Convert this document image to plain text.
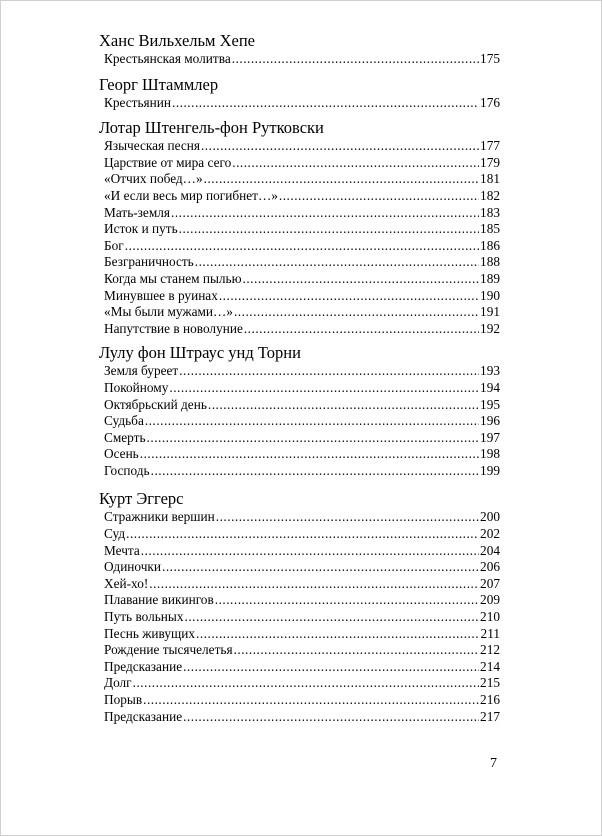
Ханс Вильхельм Хепе
Крестьянская молитва .....	175
Георг Штаммлер
Крестьянин .....	176
Лотар Штенгель-фон Рутковски
Языческая песня .....	177
Царствие от мира сего .....	179
«Отчих побед…» .....	181
«И если весь мир погибнет…» .....	182
Мать-земля .....	183
Исток и путь .....	185
Бог .....	186
Безграничность .....	188
Когда мы станем пылью .....	189
Минувшее в руинах .....	190
«Мы были мужами…» .....	191
Напутствие в новолуние .....	192
Лулу фон Штраус унд Торни
Земля буреет .....	193
Покойному .....	194
Октябрьский день .....	195
Судьба .....	196
Смерть .....	197
Осень .....	198
Господь .....	199
Курт Эггерс
Стражники вершин .....	200
Суд .....	202
Мечта .....	204
Одиночки .....	206
Хей-хо! .....	207
Плавание викингов .....	209
Путь вольных .....	210
Песнь живущих .....	211
Рождение тысячелетья .....	212
Предсказание .....	214
Долг .....	215
Порыв .....	216
Предсказание .....	217
7
